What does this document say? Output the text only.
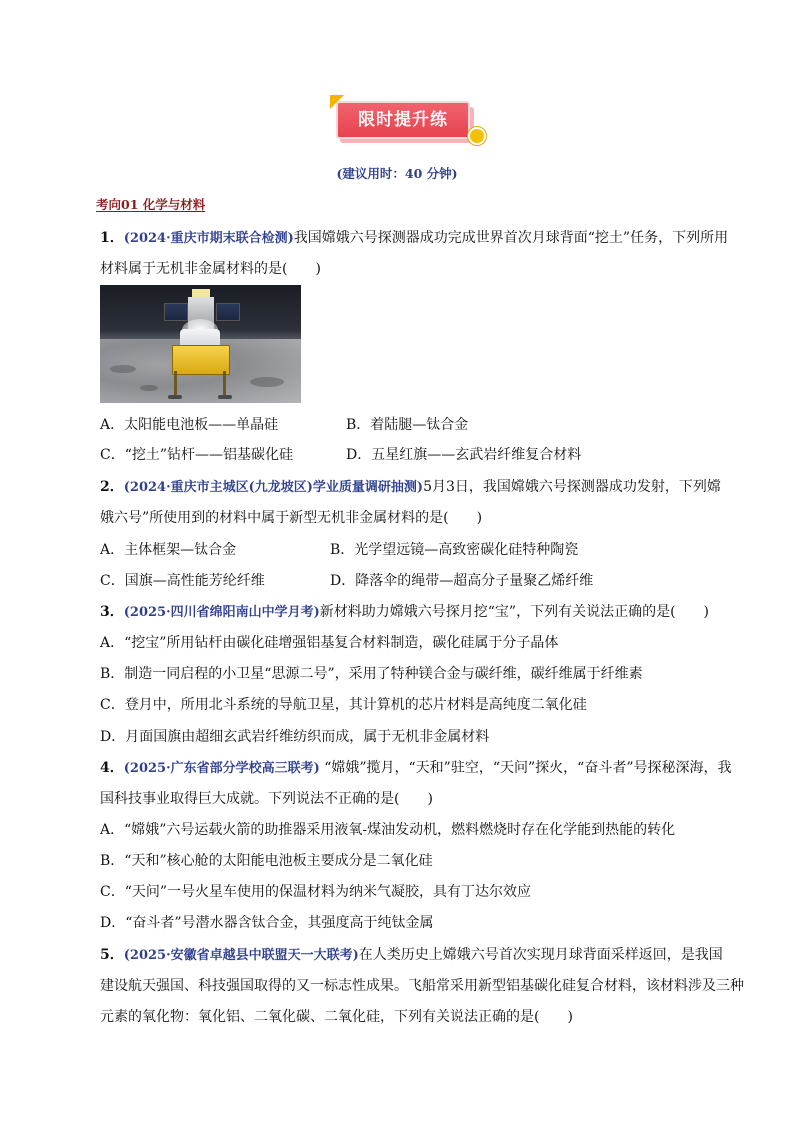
限时提升练
(建议用时：40 分钟)
考向01 化学与材料
1．(2024·重庆市期末联合检测)我国嫦娥六号探测器成功完成世界首次月球背面“挖土”任务，下列所用
材料属于无机非金属材料的是(　　)
A．太阳能电池板——单晶硅	B．着陆腿—钛合金
C．“挖土”钻杆——铝基碳化硅	D．五星红旗——玄武岩纤维复合材料
2．(2024·重庆市主城区(九龙坡区)学业质量调研抽测)5月3日，我国嫦娥六号探测器成功发射，下列嫦
娥六号”所使用到的材料中属于新型无机非金属材料的是(　　)
A．主体框架—钛合金	B．光学望远镜—高致密碳化硅特种陶瓷
C．国旗—高性能芳纶纤维	D．降落伞的绳带—超高分子量聚乙烯纤维
3．(2025·四川省绵阳南山中学月考)新材料助力嫦娥六号探月挖“宝”，下列有关说法正确的是(　　)
A．“挖宝”所用钻杆由碳化硅增强铝基复合材料制造，碳化硅属于分子晶体
B．制造一同启程的小卫星“思源二号”，采用了特种镁合金与碳纤维，碳纤维属于纤维素
C．登月中，所用北斗系统的导航卫星，其计算机的芯片材料是高纯度二氧化硅
D．月面国旗由超细玄武岩纤维纺织而成，属于无机非金属材料
4．(2025·广东省部分学校高三联考) “嫦娥”揽月，“天和”驻空，“天问”探火，“奋斗者”号探秘深海，我
国科技事业取得巨大成就。下列说法不正确的是(　　)
A．“嫦娥”六号运载火箭的助推器采用液氧-煤油发动机，燃料燃烧时存在化学能到热能的转化
B．“天和”核心舱的太阳能电池板主要成分是二氧化硅
C．“天问”一号火星车使用的保温材料为纳米气凝胶，具有丁达尔效应
D．“奋斗者”号潜水器含钛合金，其强度高于纯钛金属
5．(2025·安徽省卓越县中联盟天一大联考)在人类历史上嫦娥六号首次实现月球背面采样返回，是我国
建设航天强国、科技强国取得的又一标志性成果。飞船常采用新型铝基碳化硅复合材料，该材料涉及三种
元素的氧化物：氧化铝、二氧化碳、二氧化硅，下列有关说法正确的是(　　)
